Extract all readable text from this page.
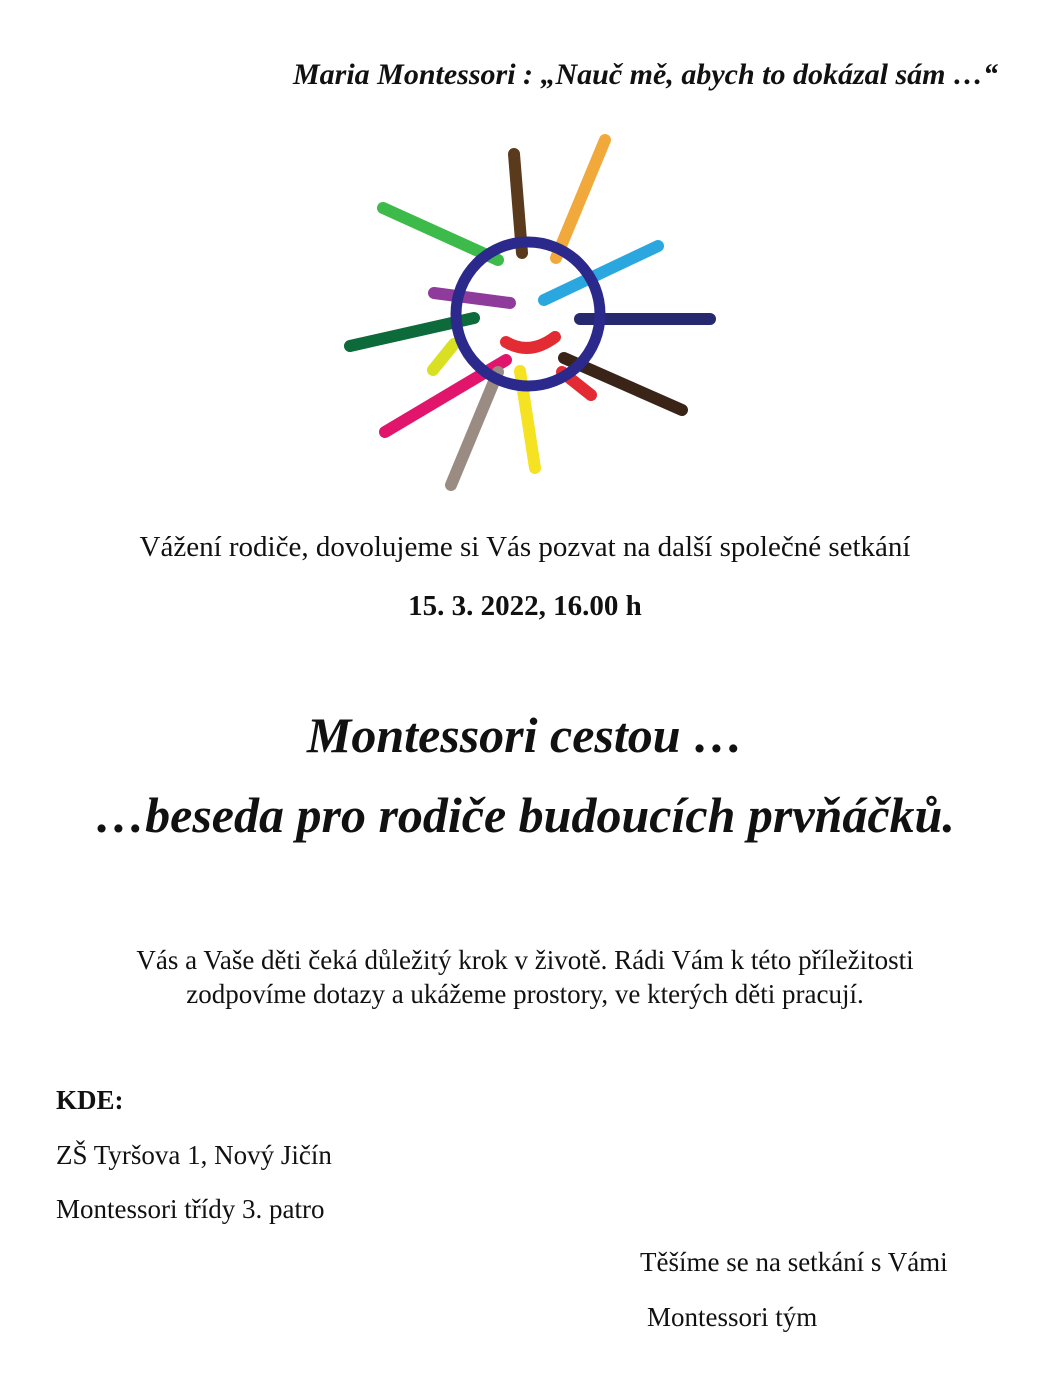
Maria Montessori : „Nauč mě, abych to dokázal sám …“
Vážení rodiče, dovolujeme si Vás pozvat na další společné setkání
15. 3. 2022, 16.00 h
Montessori cestou …
…beseda pro rodiče budoucích prvňáčků.
Vás a Vaše děti čeká důležitý krok v životě. Rádi Vám k této příležitosti
zodpovíme dotazy a ukážeme prostory, ve kterých děti pracují.
KDE:
ZŠ Tyršova 1, Nový Jičín
Montessori třídy 3. patro
Těšíme se na setkání s Vámi
Montessori tým
